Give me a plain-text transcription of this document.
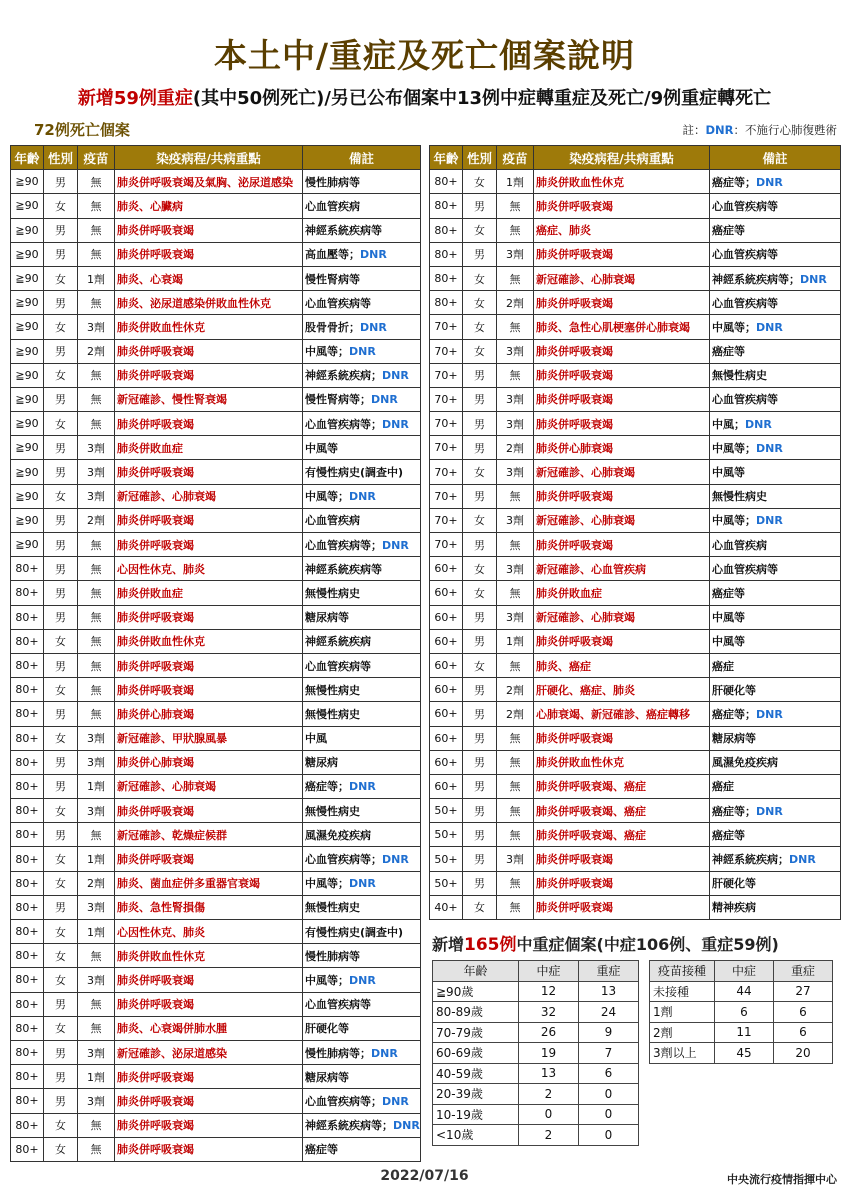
本土中/重症及死亡個案說明
新增59例重症(其中50例死亡)/另已公布個案中13例中症轉重症及死亡/9例重症轉死亡
72例死亡個案	註：DNR：不施行心肺復甦術
年齡	性別	疫苗	染疫病程/共病重點	備註
≧90	男	無	肺炎併呼吸衰竭及氣胸、泌尿道感染	慢性肺病等
≧90	女	無	肺炎、心臟病	心血管疾病
≧90	男	無	肺炎併呼吸衰竭	神經系統疾病等
≧90	男	無	肺炎併呼吸衰竭	高血壓等；DNR
≧90	女	1劑	肺炎、心衰竭	慢性腎病等
≧90	男	無	肺炎、泌尿道感染併敗血性休克	心血管疾病等
≧90	女	3劑	肺炎併敗血性休克	股骨骨折；DNR
≧90	男	2劑	肺炎併呼吸衰竭	中風等；DNR
≧90	女	無	肺炎併呼吸衰竭	神經系統疾病；DNR
≧90	男	無	新冠確診、慢性腎衰竭	慢性腎病等；DNR
≧90	女	無	肺炎併呼吸衰竭	心血管疾病等；DNR
≧90	男	3劑	肺炎併敗血症	中風等
≧90	男	3劑	肺炎併呼吸衰竭	有慢性病史(調查中)
≧90	女	3劑	新冠確診、心肺衰竭	中風等；DNR
≧90	男	2劑	肺炎併呼吸衰竭	心血管疾病
≧90	男	無	肺炎併呼吸衰竭	心血管疾病等；DNR
80+	男	無	心因性休克、肺炎	神經系統疾病等
80+	男	無	肺炎併敗血症	無慢性病史
80+	男	無	肺炎併呼吸衰竭	糖尿病等
80+	女	無	肺炎併敗血性休克	神經系統疾病
80+	男	無	肺炎併呼吸衰竭	心血管疾病等
80+	女	無	肺炎併呼吸衰竭	無慢性病史
80+	男	無	肺炎併心肺衰竭	無慢性病史
80+	女	3劑	新冠確診、甲狀腺風暴	中風
80+	男	3劑	肺炎併心肺衰竭	糖尿病
80+	男	1劑	新冠確診、心肺衰竭	癌症等；DNR
80+	女	3劑	肺炎併呼吸衰竭	無慢性病史
80+	男	無	新冠確診、乾燥症候群	風濕免疫疾病
80+	女	1劑	肺炎併呼吸衰竭	心血管疾病等；DNR
80+	女	2劑	肺炎、菌血症併多重器官衰竭	中風等；DNR
80+	男	3劑	肺炎、急性腎損傷	無慢性病史
80+	女	1劑	心因性休克、肺炎	有慢性病史(調查中)
80+	女	無	肺炎併敗血性休克	慢性肺病等
80+	女	3劑	肺炎併呼吸衰竭	中風等；DNR
80+	男	無	肺炎併呼吸衰竭	心血管疾病等
80+	女	無	肺炎、心衰竭併肺水腫	肝硬化等
80+	男	3劑	新冠確診、泌尿道感染	慢性肺病等；DNR
80+	男	1劑	肺炎併呼吸衰竭	糖尿病等
80+	男	3劑	肺炎併呼吸衰竭	心血管疾病等；DNR
80+	女	無	肺炎併呼吸衰竭	神經系統疾病等；DNR
80+	女	無	肺炎併呼吸衰竭	癌症等
年齡	性別	疫苗	染疫病程/共病重點	備註
80+	女	1劑	肺炎併敗血性休克	癌症等；DNR
80+	男	無	肺炎併呼吸衰竭	心血管疾病等
80+	女	無	癌症、肺炎	癌症等
80+	男	3劑	肺炎併呼吸衰竭	心血管疾病等
80+	女	無	新冠確診、心肺衰竭	神經系統疾病等；DNR
80+	女	2劑	肺炎併呼吸衰竭	心血管疾病等
70+	女	無	肺炎、急性心肌梗塞併心肺衰竭	中風等；DNR
70+	女	3劑	肺炎併呼吸衰竭	癌症等
70+	男	無	肺炎併呼吸衰竭	無慢性病史
70+	男	3劑	肺炎併呼吸衰竭	心血管疾病等
70+	男	3劑	肺炎併呼吸衰竭	中風；DNR
70+	男	2劑	肺炎併心肺衰竭	中風等；DNR
70+	女	3劑	新冠確診、心肺衰竭	中風等
70+	男	無	肺炎併呼吸衰竭	無慢性病史
70+	女	3劑	新冠確診、心肺衰竭	中風等；DNR
70+	男	無	肺炎併呼吸衰竭	心血管疾病
60+	女	3劑	新冠確診、心血管疾病	心血管疾病等
60+	女	無	肺炎併敗血症	癌症等
60+	男	3劑	新冠確診、心肺衰竭	中風等
60+	男	1劑	肺炎併呼吸衰竭	中風等
60+	女	無	肺炎、癌症	癌症
60+	男	2劑	肝硬化、癌症、肺炎	肝硬化等
60+	男	2劑	心肺衰竭、新冠確診、癌症轉移	癌症等；DNR
60+	男	無	肺炎併呼吸衰竭	糖尿病等
60+	男	無	肺炎併敗血性休克	風濕免疫疾病
60+	男	無	肺炎併呼吸衰竭、癌症	癌症
50+	男	無	肺炎併呼吸衰竭、癌症	癌症等；DNR
50+	男	無	肺炎併呼吸衰竭、癌症	癌症等
50+	男	3劑	肺炎併呼吸衰竭	神經系統疾病；DNR
50+	男	無	肺炎併呼吸衰竭	肝硬化等
40+	女	無	肺炎併呼吸衰竭	精神疾病
新增165例中重症個案(中症106例、重症59例)
年齡	中症	重症
≧90歲	12	13
80-89歲	32	24
70-79歲	26	9
60-69歲	19	7
40-59歲	13	6
20-39歲	2	0
10-19歲	0	0
<10歲	2	0
疫苗接種	中症	重症
未接種	44	27
1劑	6	6
2劑	11	6
3劑以上	45	20
2022/07/16	中央流行疫情指揮中心
